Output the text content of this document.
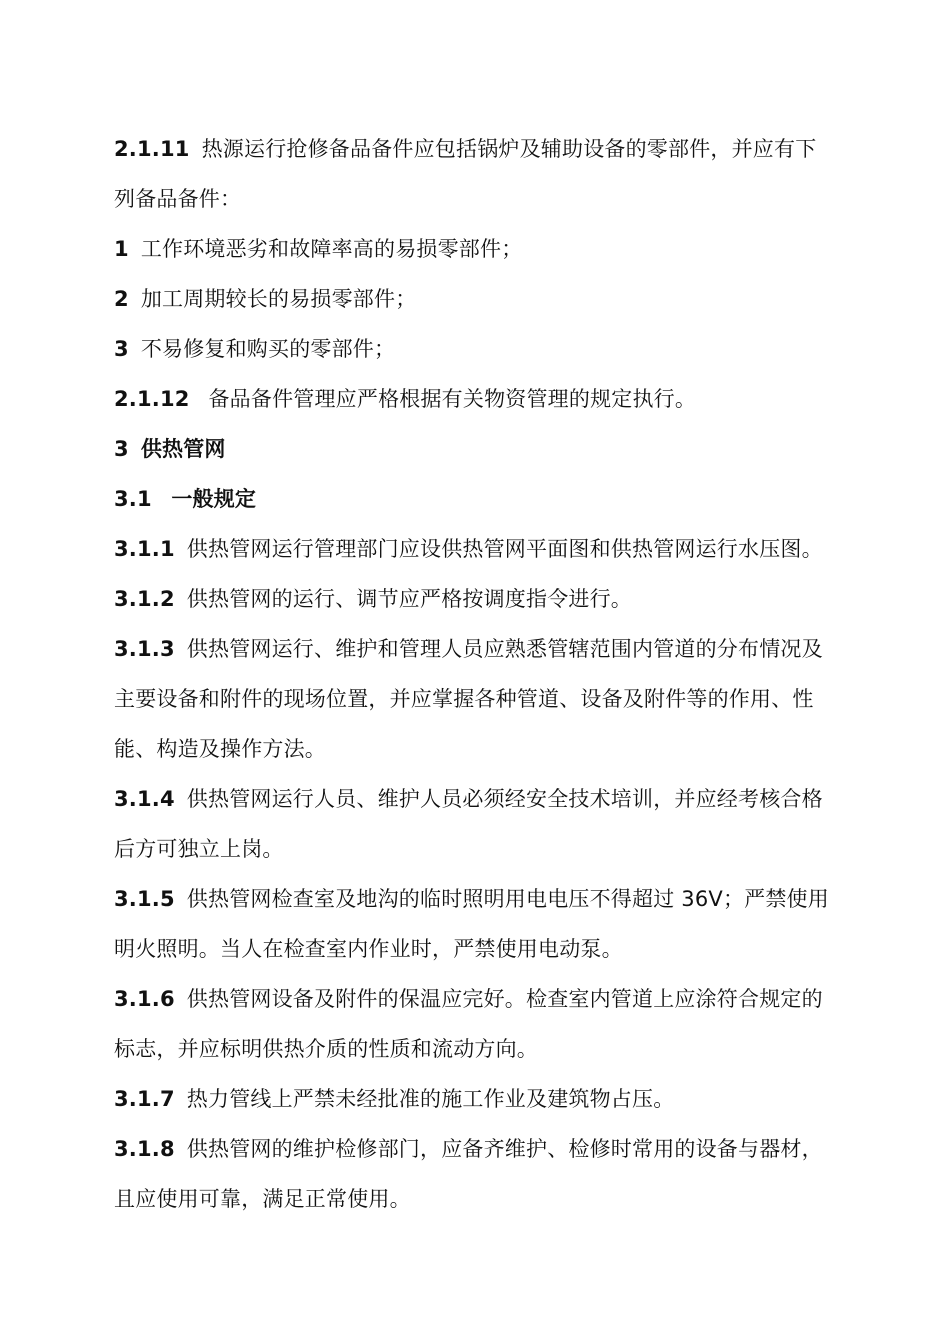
2.1.11 热源运行抢修备品备件应包括锅炉及辅助设备的零部件，并应有下
列备品备件：
1 工作环境恶劣和故障率高的易损零部件；
2 加工周期较长的易损零部件；
3 不易修复和购买的零部件；
2.1.12 备品备件管理应严格根据有关物资管理的规定执行。
3 供热管网
3.1 一般规定
3.1.1 供热管网运行管理部门应设供热管网平面图和供热管网运行水压图。
3.1.2 供热管网的运行、调节应严格按调度指令进行。
3.1.3 供热管网运行、维护和管理人员应熟悉管辖范围内管道的分布情况及
主要设备和附件的现场位置，并应掌握各种管道、设备及附件等的作用、性
能、构造及操作方法。
3.1.4 供热管网运行人员、维护人员必须经安全技术培训，并应经考核合格
后方可独立上岗。
3.1.5 供热管网检查室及地沟的临时照明用电电压不得超过 36V；严禁使用
明火照明。当人在检查室内作业时，严禁使用电动泵。
3.1.6 供热管网设备及附件的保温应完好。检查室内管道上应涂符合规定的
标志，并应标明供热介质的性质和流动方向。
3.1.7 热力管线上严禁未经批准的施工作业及建筑物占压。
3.1.8 供热管网的维护检修部门，应备齐维护、检修时常用的设备与器材，
且应使用可靠，满足正常使用。
